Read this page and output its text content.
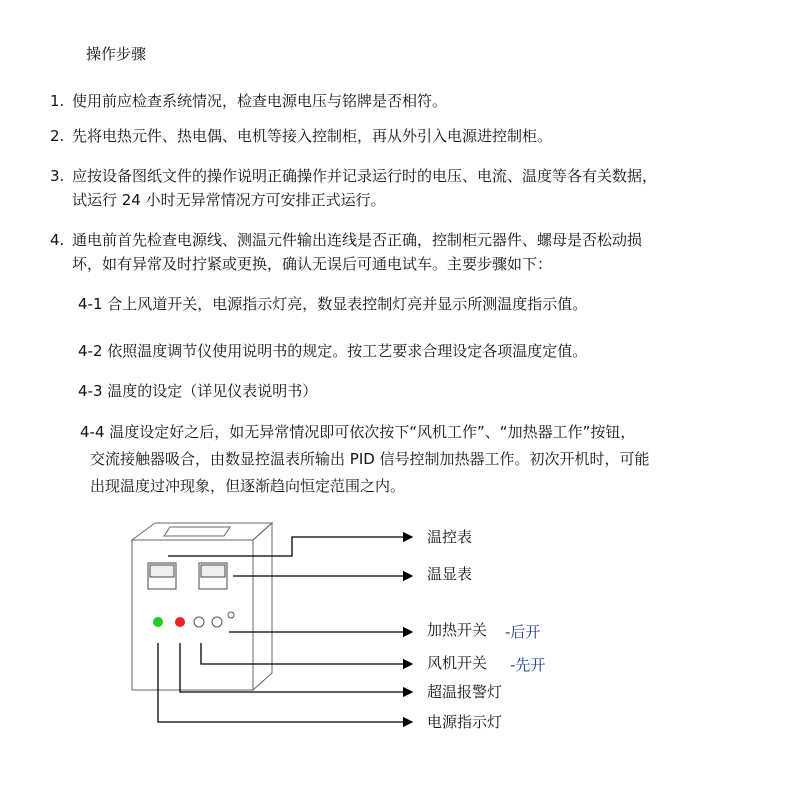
操作步骤
1. 使用前应检查系统情况，检查电源电压与铭牌是否相符。
2. 先将电热元件、热电偶、电机等接入控制柜，再从外引入电源进控制柜。
3. 应按设备图纸文件的操作说明正确操作并记录运行时的电压、电流、温度等各有关数据，
试运行 24 小时无异常情况方可安排正式运行。
4. 通电前首先检查电源线、测温元件输出连线是否正确，控制柜元器件、螺母是否松动损
坏，如有异常及时拧紧或更换，确认无误后可通电试车。主要步骤如下：
4-1 合上风道开关，电源指示灯亮，数显表控制灯亮并显示所测温度指示值。
4-2 依照温度调节仪使用说明书的规定。按工艺要求合理设定各项温度定值。
4-3 温度的设定（详见仪表说明书）
4-4 温度设定好之后，如无异常情况即可依次按下“风机工作”、“加热器工作”按钮，
交流接触器吸合，由数显控温表所输出 PID 信号控制加热器工作。初次开机时，可能
出现温度过冲现象，但逐渐趋向恒定范围之内。
温控表
温显表
加热开关 -后开
风机开关 -先开
超温报警灯
电源指示灯
